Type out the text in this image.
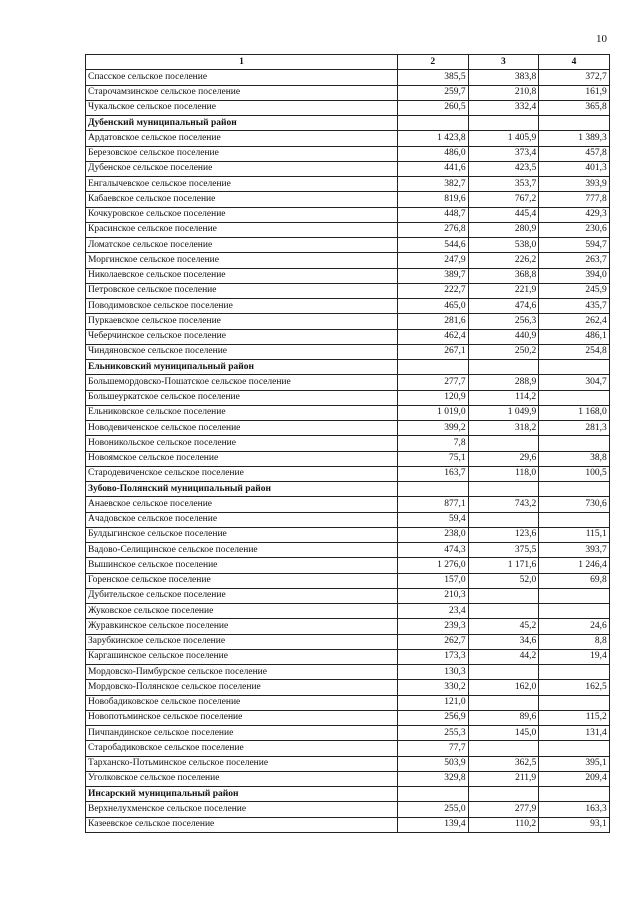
10
1	2	3	4
Спасское сельское поселение	385,5	383,8	372,7
Старочамзинское сельское поселение	259,7	210,8	161,9
Чукальское сельское поселение	260,5	332,4	365,8
Дубенский муниципальный район			
Ардатовское сельское поселение	1 423,8	1 405,9	1 389,3
Березовское сельское поселение	486,0	373,4	457,8
Дубенское сельское поселение	441,6	423,5	401,3
Енгалычевское сельское поселение	382,7	353,7	393,9
Кабаевское сельское поселение	819,6	767,2	777,8
Кочкуровское сельское поселение	448,7	445,4	429,3
Красинское сельское поселение	276,8	280,9	230,6
Ломатское сельское поселение	544,6	538,0	594,7
Моргинское сельское поселение	247,9	226,2	263,7
Николаевское сельское поселение	389,7	368,8	394,0
Петровское сельское поселение	222,7	221,9	245,9
Поводимовское сельское поселение	465,0	474,6	435,7
Пуркаевское сельское поселение	281,6	256,3	262,4
Чеберчинское сельское поселение	462,4	440,9	486,1
Чиндяновское сельское поселение	267,1	250,2	254,8
Ельниковский муниципальный район			
Большемордовско-Пошатское сельское поселение	277,7	288,9	304,7
Большеуркатское сельское поселение	120,9	114,2	
Ельниковское сельское поселение	1 019,0	1 049,9	1 168,0
Новодевиченское сельское поселение	399,2	318,2	281,3
Новоникольское сельское поселение	7,8		
Новоямское сельское поселение	75,1	29,6	38,8
Стародевиченское сельское поселение	163,7	118,0	100,5
Зубово-Полянский муниципальный район			
Анаевское сельское поселение	877,1	743,2	730,6
Ачадовское сельское поселение	59,4		
Булдыгинское сельское поселение	238,0	123,6	115,1
Вадово-Селищинское сельское поселение	474,3	375,5	393,7
Вышинское сельское поселение	1 276,0	1 171,6	1 246,4
Горенское сельское поселение	157,0	52,0	69,8
Дубительское сельское поселение	210,3		
Жуковское сельское поселение	23,4		
Журавкинское сельское поселение	239,3	45,2	24,6
Зарубкинское сельское поселение	262,7	34,6	8,8
Каргашинское сельское поселение	173,3	44,2	19,4
Мордовско-Пимбурское сельское поселение	130,3		
Мордовско-Полянское сельское поселение	330,2	162,0	162,5
Новобадиковское сельское поселение	121,0		
Новопотьминское сельское поселение	256,9	89,6	115,2
Пичпандинское сельское поселение	255,3	145,0	131,4
Старобадиковское сельское поселение	77,7		
Тарханско-Потьминское сельское поселение	503,9	362,5	395,1
Уголковское сельское поселение	329,8	211,9	209,4
Инсарский муниципальный район			
Верхнелухменское сельское поселение	255,0	277,9	163,3
Казеевское сельское поселение	139,4	110,2	93,1
